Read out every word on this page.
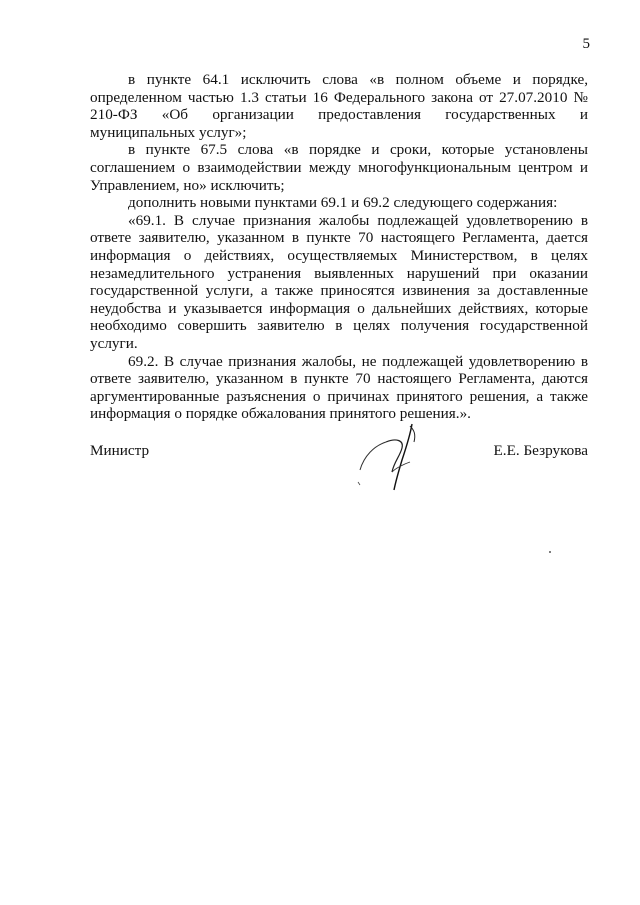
5

в пункте 64.1 исключить слова «в полном объеме и порядке, определенном частью 1.3 статьи 16 Федерального закона от 27.07.2010 № 210-ФЗ «Об организации предоставления государственных и муниципальных услуг»;

в пункте 67.5 слова «в порядке и сроки, которые установлены соглашением о взаимодействии между многофункциональным центром и Управлением, но» исключить;

дополнить новыми пунктами 69.1 и 69.2 следующего содержания:

«69.1. В случае признания жалобы подлежащей удовлетворению в ответе заявителю, указанном в пункте 70 настоящего Регламента, дается информация о действиях, осуществляемых Министерством, в целях незамедлительного устранения выявленных нарушений при оказании государственной услуги, а также приносятся извинения за доставленные неудобства и указывается информация о дальнейших действиях, которые необходимо совершить заявителю в целях получения государственной услуги.

69.2. В случае признания жалобы, не подлежащей удовлетворению в ответе заявителю, указанном в пункте 70 настоящего Регламента, даются аргументированные разъяснения о причинах принятого решения, а также информация о порядке обжалования принятого решения.».

Министр	Е.Е. Безрукова
